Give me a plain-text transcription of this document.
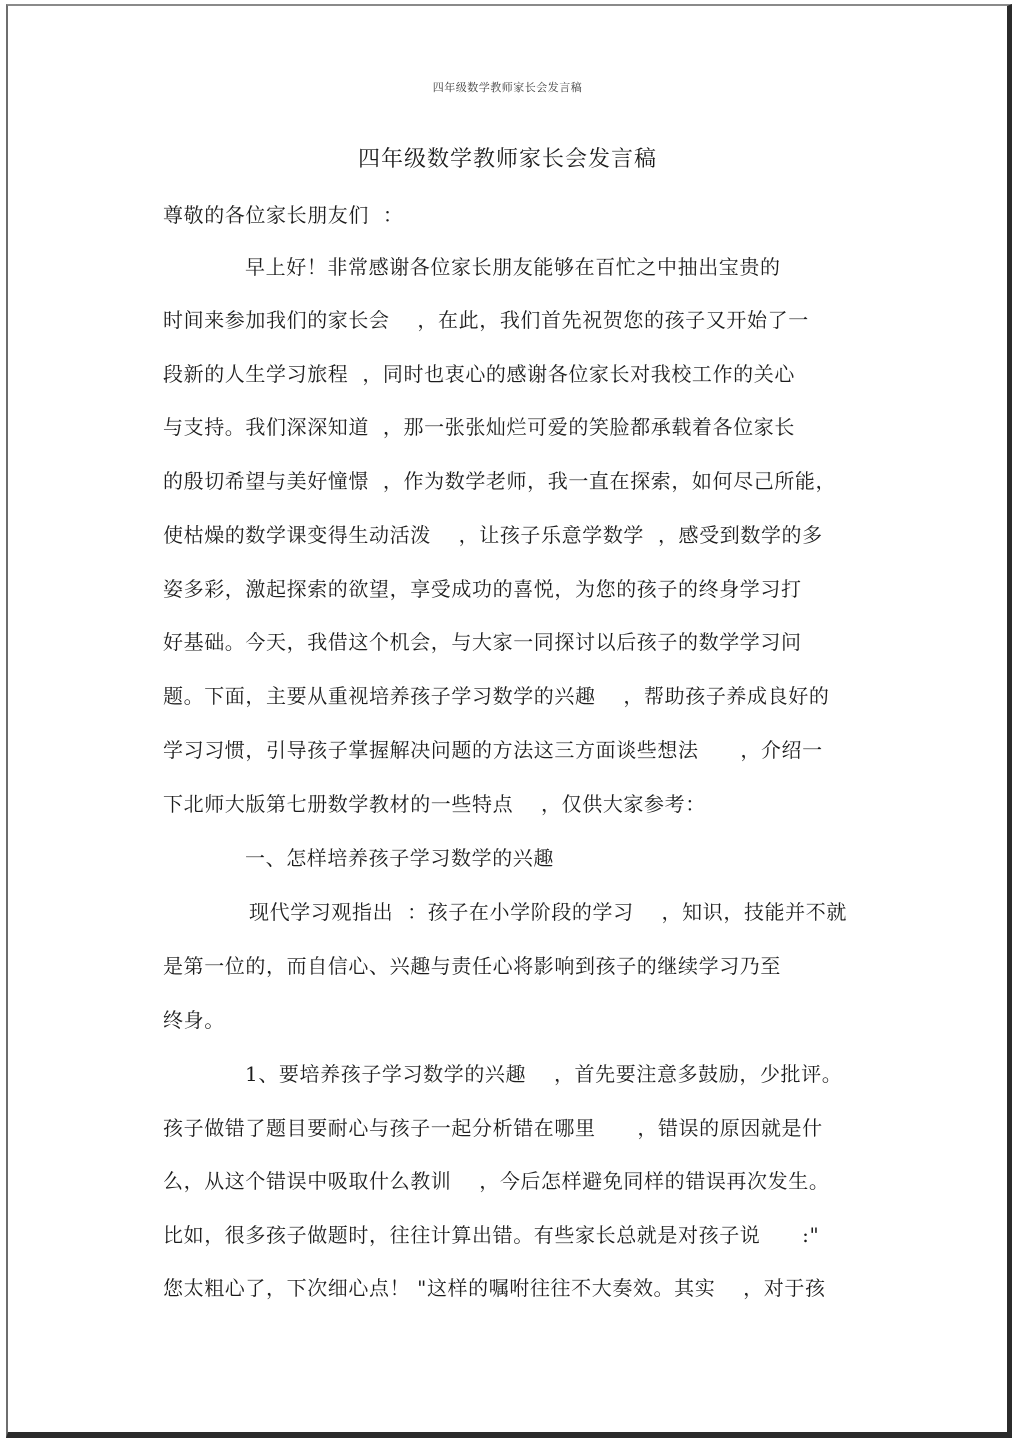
四年级数学教师家长会发言稿
四年级数学教师家长会发言稿
尊敬的各位家长朋友们  ：
早上好！非常感谢各位家长朋友能够在百忙之中抽出宝贵的
时间来参加我们的家长会    ，在此，我们首先祝贺您的孩子又开始了一
段新的人生学习旅程  ，同时也衷心的感谢各位家长对我校工作的关心
与支持。我们深深知道  ，那一张张灿烂可爱的笑脸都承载着各位家长
的殷切希望与美好憧憬  ，作为数学老师，我一直在探索，如何尽己所能，
使枯燥的数学课变得生动活泼    ，让孩子乐意学数学  ，感受到数学的多
姿多彩，激起探索的欲望，享受成功的喜悦，为您的孩子的终身学习打
好基础。今天，我借这个机会，与大家一同探讨以后孩子的数学学习问
题。下面，主要从重视培养孩子学习数学的兴趣    ，帮助孩子养成良好的
学习习惯，引导孩子掌握解决问题的方法这三方面谈些想法      ，介绍一
下北师大版第七册数学教材的一些特点    ，仅供大家参考：
一、怎样培养孩子学习数学的兴趣
现代学习观指出  ：孩子在小学阶段的学习    ，知识，技能并不就
是第一位的，而自信心、兴趣与责任心将影响到孩子的继续学习乃至
终身。
1、要培养孩子学习数学的兴趣    ，首先要注意多鼓励，少批评。
孩子做错了题目要耐心与孩子一起分析错在哪里      ，错误的原因就是什
么，从这个错误中吸取什么教训    ，今后怎样避免同样的错误再次发生。
比如，很多孩子做题时，往往计算出错。有些家长总就是对孩子说      :"
您太粗心了，下次细心点！ "这样的嘱咐往往不大奏效。其实    ，对于孩
